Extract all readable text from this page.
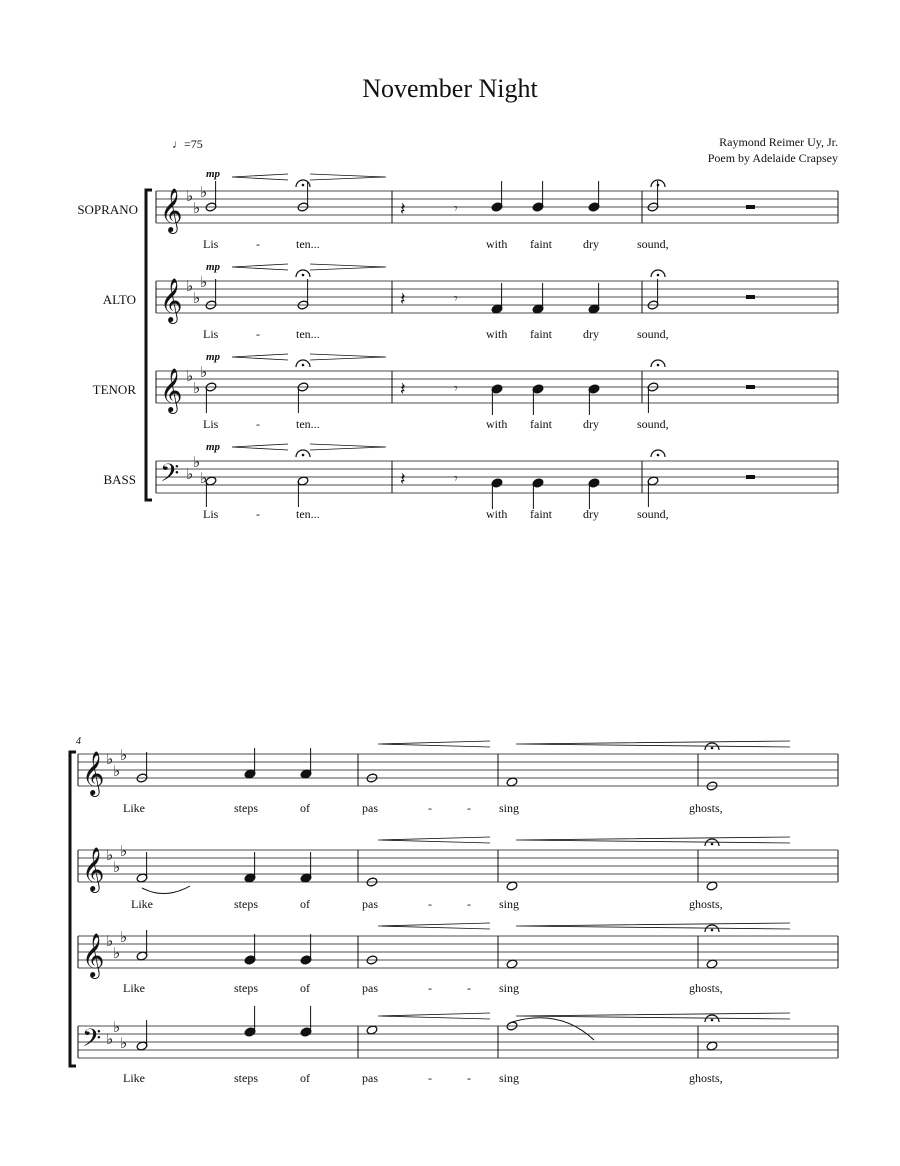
November Night
Raymond Reimer Uy, Jr.
Poem by Adelaide Crapsey
♩=75
SOPRANO
ALTO
TENOR
BASS
mp
mp
mp
mp
Lis	-	ten...	with faint	dry	sound,
Lis	-	ten...	with faint	dry	sound,
Lis	-	ten...	with faint	dry	sound,
Lis	-	ten...	with faint	dry	sound,
4
Like	steps	of	pas	-	- sing	ghosts,
Like	steps	of	pas	-	- sing	ghosts,
Like	steps	of	pas	-	- sing	ghosts,
Like	steps	of	pas	-	- sing	ghosts,
𝄞 ♭
♭
♭
𝄽	𝄾
𝄞 ♭
♭
♭
𝄽	𝄾
𝄞 ♭
♭
♭
𝄽	𝄾
𝄢 ♭
♭
♭	𝄽	𝄾
𝄞 ♭
♭
♭
𝄞 ♭
♭
♭
𝄞 ♭
♭
♭
𝄢 ♭
♭
♭
